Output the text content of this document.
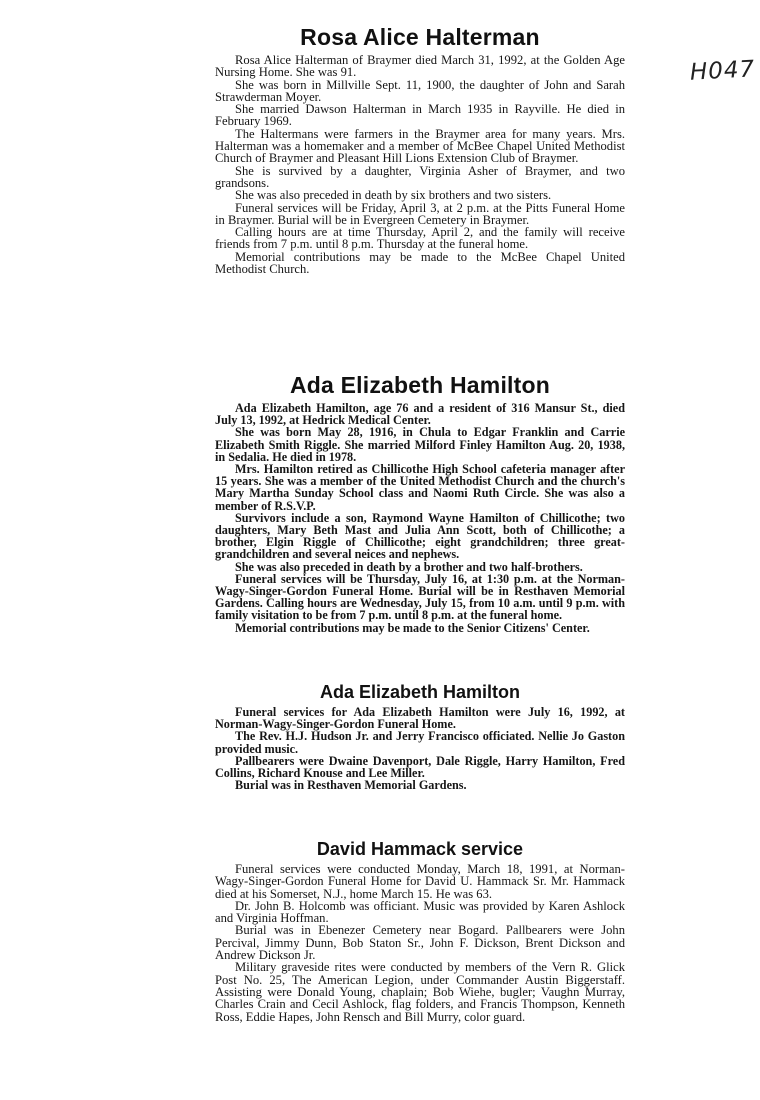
H047
Rosa Alice Halterman

Rosa Alice Halterman of Braymer died March 31, 1992, at the Golden Age Nursing Home. She was 91.

She was born in Millville Sept. 11, 1900, the daughter of John and Sarah Strawderman Moyer.

She married Dawson Halterman in March 1935 in Rayville. He died in February 1969.

The Haltermans were farmers in the Braymer area for many years. Mrs. Halterman was a homemaker and a member of McBee Chapel United Methodist Church of Braymer and Pleasant Hill Lions Extension Club of Braymer.

She is survived by a daughter, Virginia Asher of Braymer, and two grandsons.

She was also preceded in death by six brothers and two sisters.

Funeral services will be Friday, April 3, at 2 p.m. at the Pitts Funeral Home in Braymer. Burial will be in Evergreen Cemetery in Braymer.

Calling hours are at time Thursday, April 2, and the family will receive friends from 7 p.m. until 8 p.m. Thursday at the funeral home.

Memorial contributions may be made to the McBee Chapel United Methodist Church.

Ada Elizabeth Hamilton

Ada Elizabeth Hamilton, age 76 and a resident of 316 Mansur St., died July 13, 1992, at Hedrick Medical Center.

She was born May 28, 1916, in Chula to Edgar Franklin and Carrie Elizabeth Smith Riggle. She married Milford Finley Hamilton Aug. 20, 1938, in Sedalia. He died in 1978.

Mrs. Hamilton retired as Chillicothe High School cafeteria manager after 15 years. She was a member of the United Methodist Church and the church's Mary Martha Sunday School class and Naomi Ruth Circle. She was also a member of R.S.V.P.

Survivors include a son, Raymond Wayne Hamilton of Chillicothe; two daughters, Mary Beth Mast and Julia Ann Scott, both of Chillicothe; a brother, Elgin Riggle of Chillicothe; eight grandchildren; three great-grandchildren and several neices and nephews.

She was also preceded in death by a brother and two half-brothers.

Funeral services will be Thursday, July 16, at 1:30 p.m. at the Norman-Wagy-Singer-Gordon Funeral Home. Burial will be in Resthaven Memorial Gardens. Calling hours are Wednesday, July 15, from 10 a.m. until 9 p.m. with family visitation to be from 7 p.m. until 8 p.m. at the funeral home.

Memorial contributions may be made to the Senior Citizens' Center.

Ada Elizabeth Hamilton

Funeral services for Ada Elizabeth Hamilton were July 16, 1992, at Norman-Wagy-Singer-Gordon Funeral Home.

The Rev. H.J. Hudson Jr. and Jerry Francisco officiated. Nellie Jo Gaston provided music.

Pallbearers were Dwaine Davenport, Dale Riggle, Harry Hamilton, Fred Collins, Richard Knouse and Lee Miller.

Burial was in Resthaven Memorial Gardens.

David Hammack service

Funeral services were conducted Monday, March 18, 1991, at Norman-Wagy-Singer-Gordon Funeral Home for David U. Hammack Sr. Mr. Hammack died at his Somerset, N.J., home March 15. He was 63.

Dr. John B. Holcomb was officiant. Music was provided by Karen Ashlock and Virginia Hoffman.

Burial was in Ebenezer Cemetery near Bogard. Pallbearers were John Percival, Jimmy Dunn, Bob Staton Sr., John F. Dickson, Brent Dickson and Andrew Dickson Jr.

Military graveside rites were conducted by members of the Vern R. Glick Post No. 25, The American Legion, under Commander Austin Biggerstaff. Assisting were Donald Young, chaplain; Bob Wiehe, bugler; Vaughn Murray, Charles Crain and Cecil Ashlock, flag folders, and Francis Thompson, Kenneth Ross, Eddie Hapes, John Rensch and Bill Murry, color guard.
